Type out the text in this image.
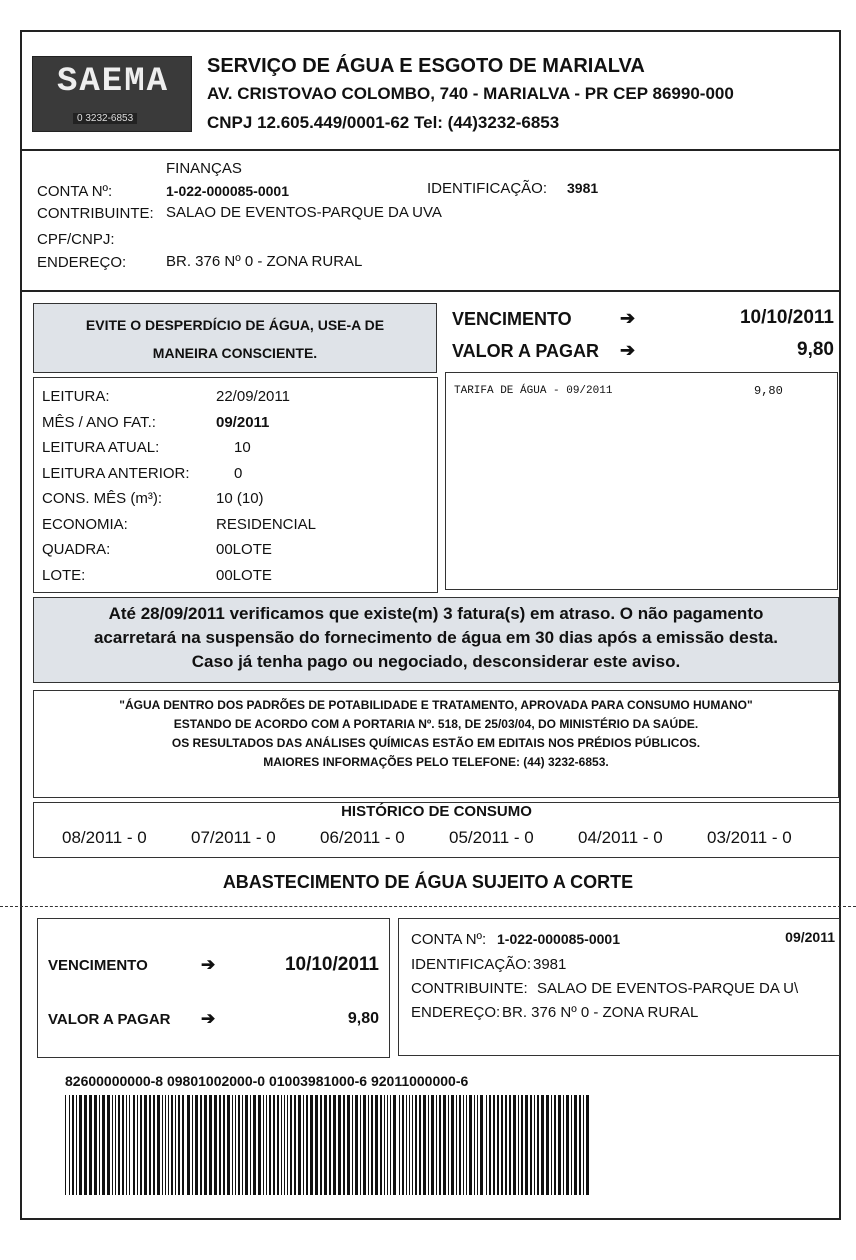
SAEMA
0 3232-6853
SERVIÇO DE ÁGUA E ESGOTO DE MARIALVA
AV. CRISTOVAO COLOMBO, 740 - MARIALVA - PR CEP 86990-000
CNPJ 12.605.449/0001-62 Tel: (44)3232-6853
FINANÇAS
CONTA Nº:	1-022-000085-0001	IDENTIFICAÇÃO: 3981
CONTRIBUINTE: SALAO DE EVENTOS-PARQUE DA UVA
CPF/CNPJ:
ENDEREÇO:	BR. 376 Nº 0 - ZONA RURAL
EVITE O DESPERDÍCIO DE ÁGUA, USE-A DE
MANEIRA CONSCIENTE.
VENCIMENTO	➔	10/10/2011
VALOR A PAGAR ➔	9,80
LEITURA:	22/09/2011
MÊS / ANO FAT.:	09/2011
LEITURA ATUAL:	10
LEITURA ANTERIOR:	0
CONS. MÊS (m³):	10 (10)
ECONOMIA:	RESIDENCIAL
QUADRA:	00LOTE
LOTE:	00LOTE
TARIFA DE ÁGUA - 09/2011	9,80
Até 28/09/2011 verificamos que existe(m) 3 fatura(s) em atraso. O não pagamento
acarretará na suspensão do fornecimento de água em 30 dias após a emissão desta.
Caso já tenha pago ou negociado, desconsiderar este aviso.
"ÁGUA DENTRO DOS PADRÕES DE POTABILIDADE E TRATAMENTO, APROVADA PARA CONSUMO HUMANO"
ESTANDO DE ACORDO COM A PORTARIA Nº. 518, DE 25/03/04, DO MINISTÉRIO DA SAÚDE.
OS RESULTADOS DAS ANÁLISES QUÍMICAS ESTÃO EM EDITAIS NOS PRÉDIOS PÚBLICOS.
MAIORES INFORMAÇÕES PELO TELEFONE: (44) 3232-6853.
HISTÓRICO DE CONSUMO
08/2011 - 0	07/2011 - 0	06/2011 - 0	05/2011 - 0	04/2011 - 0	03/2011 - 0
ABASTECIMENTO DE ÁGUA SUJEITO A CORTE
VENCIMENTO	➔	10/10/2011
VALOR A PAGAR ➔	9,80
CONTA Nº: 1-022-000085-0001	09/2011
IDENTIFICAÇÃO: 3981
CONTRIBUINTE: SALAO DE EVENTOS-PARQUE DA U\
ENDEREÇO: BR. 376 Nº 0 - ZONA RURAL
82600000000-8 09801002000-0 01003981000-6 92011000000-6
